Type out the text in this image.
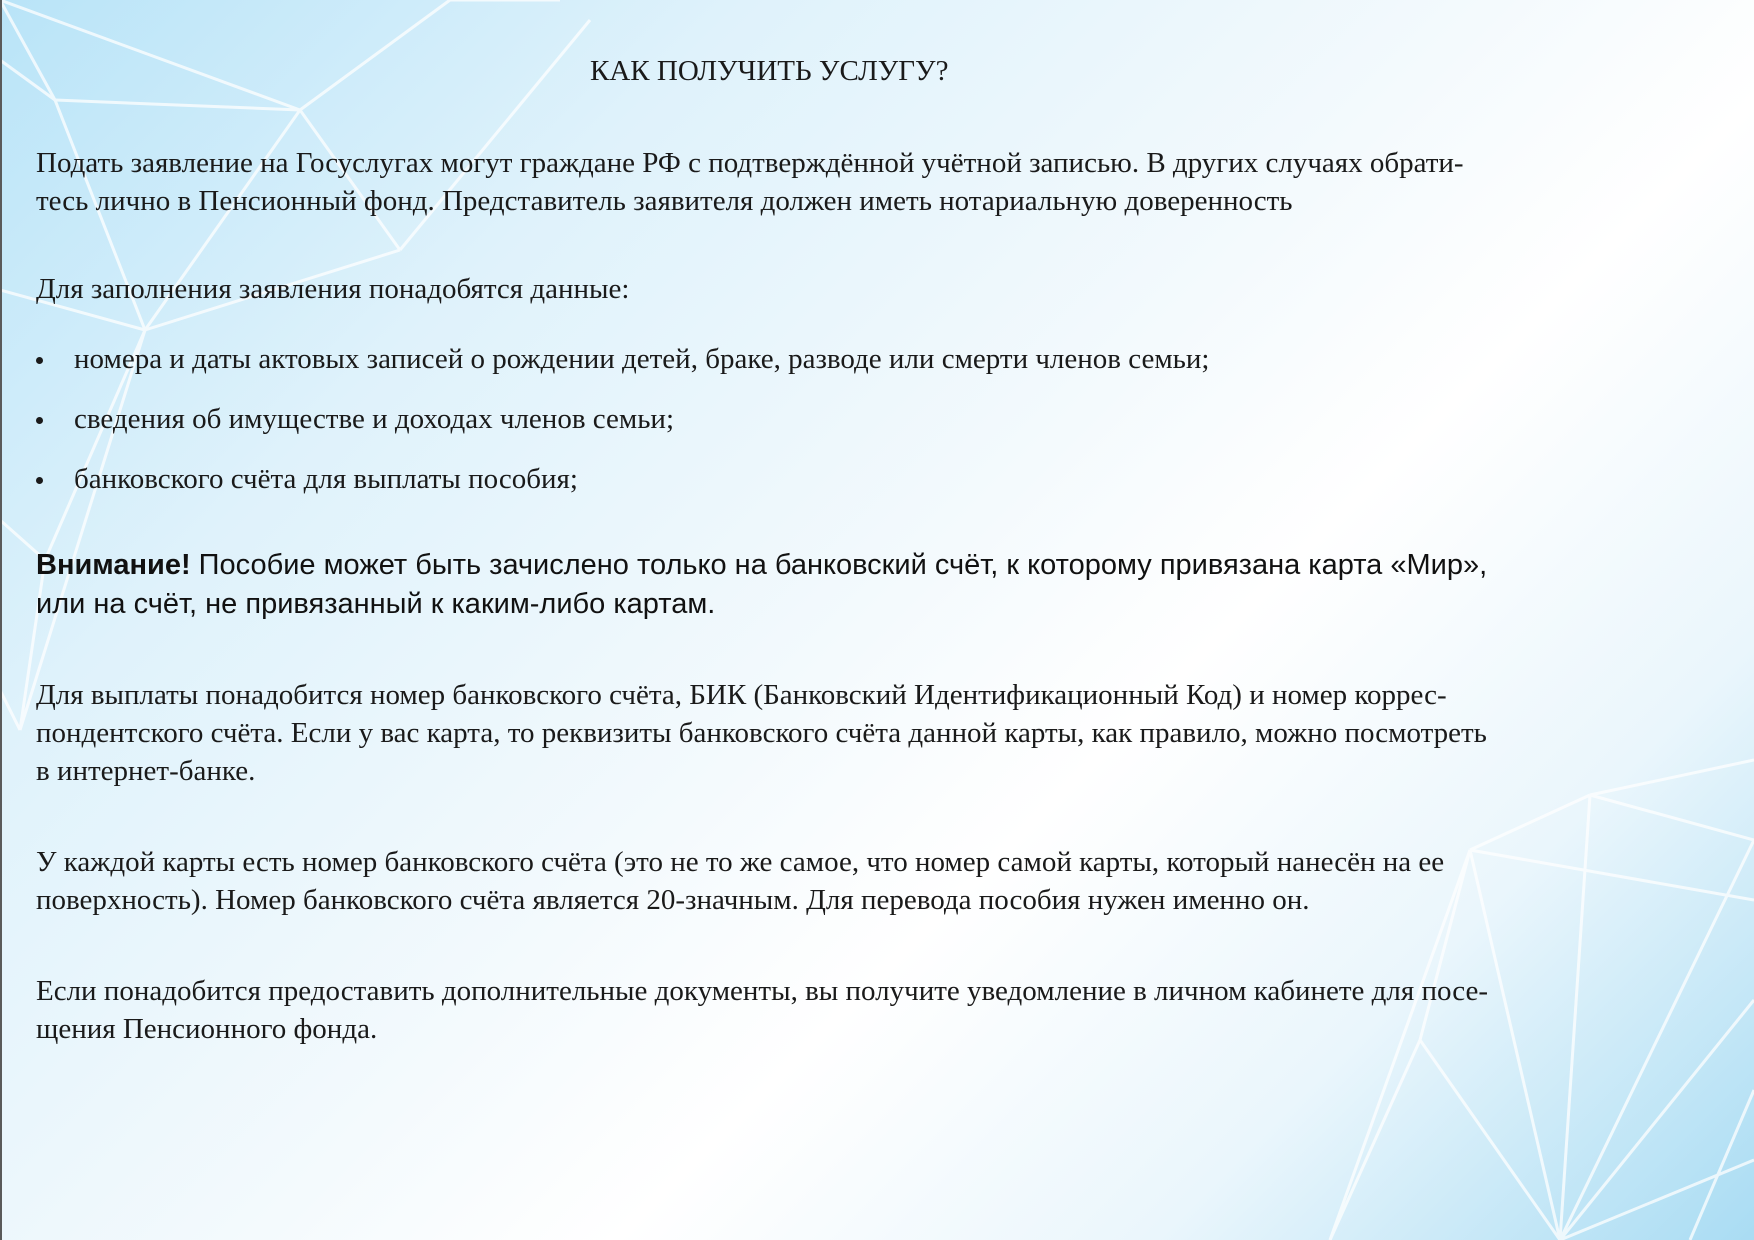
КАК ПОЛУЧИТЬ УСЛУГУ?

Подать заявление на Госуслугах могут граждане РФ с подтверждённой учётной записью. В других случаях обрати-
тесь лично в Пенсионный фонд. Представитель заявителя должен иметь нотариальную доверенность

Для заполнения заявления понадобятся данные:

номера и даты актовых записей о рождении детей, браке, разводе или смерти членов семьи;
сведения об имуществе и доходах членов семьи;
банковского счёта для выплаты пособия;

Внимание! Пособие может быть зачислено только на банковский счёт, к которому привязана карта «Мир»,
или на счёт, не привязанный к каким-либо картам.

Для выплаты понадобится номер банковского счёта, БИК (Банковский Идентификационный Код) и номер коррес-
пондентского счёта. Если у вас карта, то реквизиты банковского счёта данной карты, как правило, можно посмотреть
в интернет-банке.

У каждой карты есть номер банковского счёта (это не то же самое, что номер самой карты, который нанесён на ее
поверхность). Номер банковского счёта является 20-значным. Для перевода пособия нужен именно он.

Если понадобится предоставить дополнительные документы, вы получите уведомление в личном кабинете для посе-
щения Пенсионного фонда.
